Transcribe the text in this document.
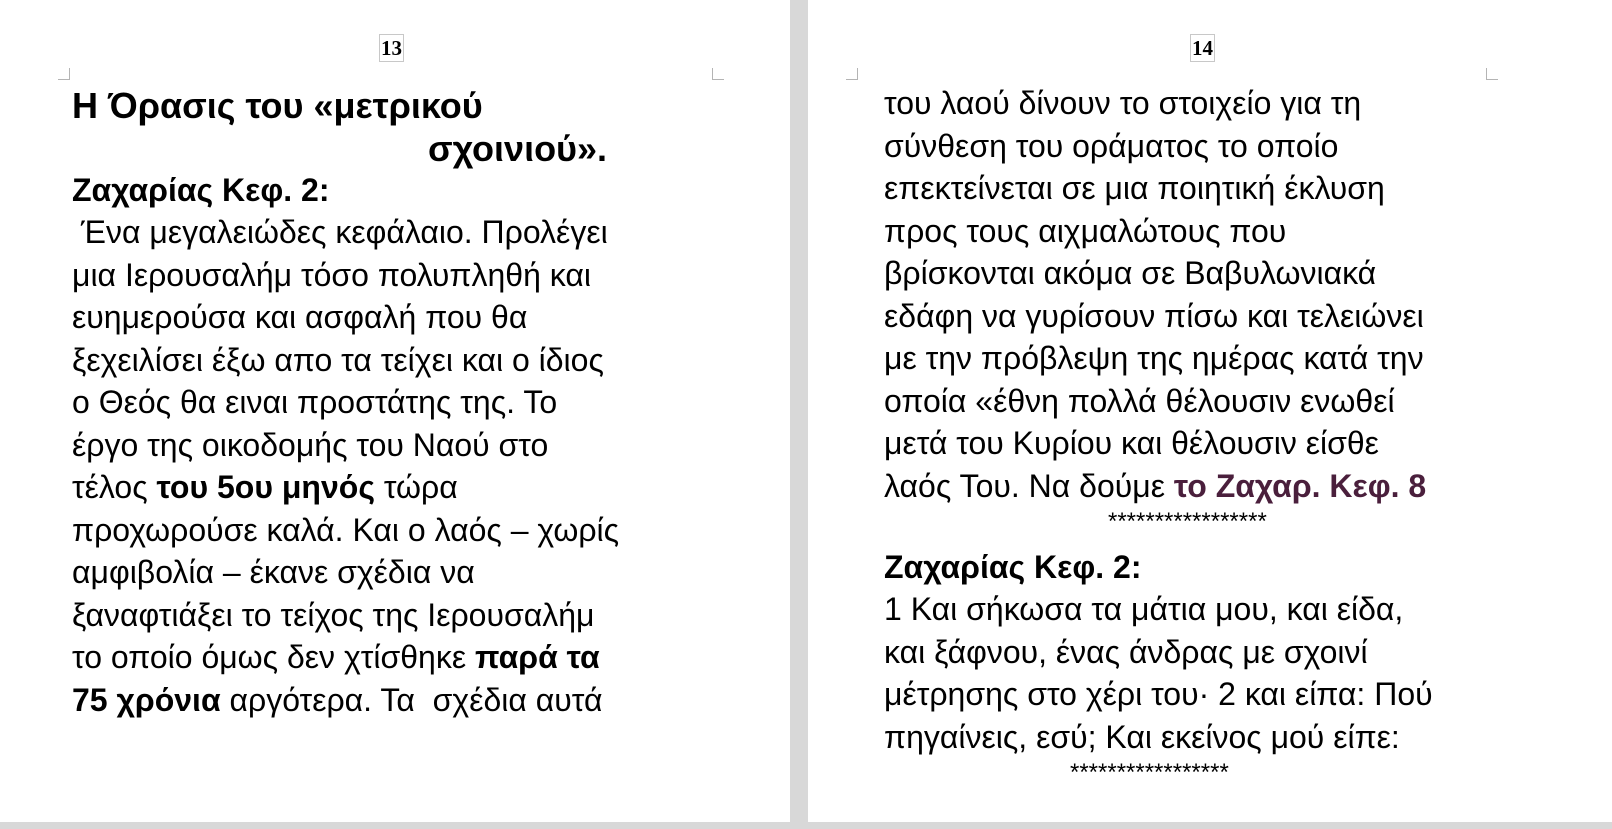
13

Η Όρασις του «μετρικού

σχοινιού».

Ζαχαρίας Κεφ. 2:

Ένα μεγαλειώδες κεφάλαιο. Προλέγει

μια Ιερουσαλήμ τόσο πολυπληθή και

ευημερούσα και ασφαλή που θα

ξεχειλίσει έξω απο τα τείχει και ο ίδιος

ο Θεός θα ειναι προστάτης της. Το

έργο της οικοδομής του Ναού στο

τέλος του 5ου μηνός τώρα

προχωρούσε καλά. Και ο λαός – χωρίς

αμφιβολία – έκανε σχέδια να

ξαναφτιάξει το τείχος της Ιερουσαλήμ

το οποίο όμως δεν χτίσθηκε παρά τα

75 χρόνια αργότερα. Τα  σχέδια αυτά

14

του λαού δίνουν το στοιχείο για τη

σύνθεση του οράματος το οποίο

επεκτείνεται σε μια ποιητική έκλυση

προς τους αιχμαλώτους που

βρίσκονται ακόμα σε Βαβυλωνιακά

εδάφη να γυρίσουν πίσω και τελειώνει

με την πρόβλεψη της ημέρας κατά την

οποία «έθνη πολλά θέλουσιν ενωθεί

μετά του Κυρίου και θέλουσιν είσθε

λαός Του. Να δούμε το Ζαχαρ. Κεφ. 8

*****************

Ζαχαρίας Κεφ. 2:

1 Και σήκωσα τα μάτια μου, και είδα,

και ξάφνου, ένας άνδρας με σχοινί

μέτρησης στο χέρι του· 2 και είπα: Πού

πηγαίνεις, εσύ; Και εκείνος μού είπε:

*****************
